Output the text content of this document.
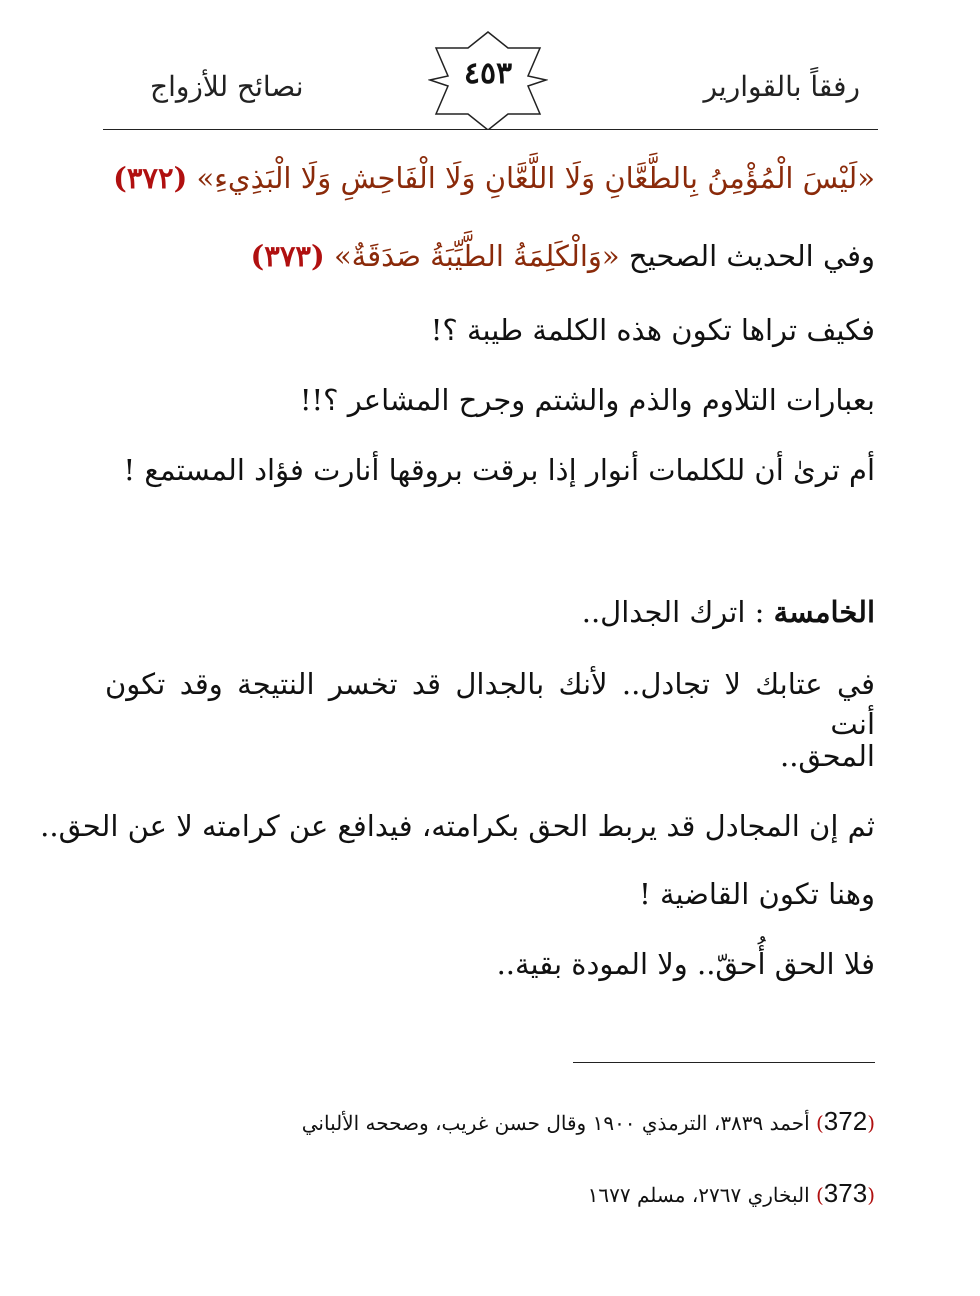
رفقاً بالقوارير
نصائح للأزواج	٤٥٣
«لَيْسَ الْمُؤْمِنُ بِالطَّعَّانِ وَلَا اللَّعَّانِ وَلَا الْفَاحِشِ وَلَا الْبَذِيءِ» (٣٧٢)
وفي الحديث الصحيح «وَالْكَلِمَةُ الطَّيِّبَةُ صَدَقَةٌ» (٣٧٣)
فكيف تراها تكون هذه الكلمة طيبة ؟!
بعبارات التلاوم والذم والشتم وجرح المشاعر ؟!!
أم ترىٰ أن للكلمات أنوار إذا برقت بروقها أنارت فؤاد المستمع !
الخامسة : اترك الجدال..
في عتابك لا تجادل.. لأنك بالجدال قد تخسر النتيجة وقد تكون أنت
المحق..
ثم إن المجادل قد يربط الحق بكرامته، فيدافع عن كرامته لا عن الحق..
وهنا تكون القاضية !
فلا الحق أُحقّ.. ولا المودة بقية..
(372) أحمد ٣٨٣٩، الترمذي ١٩٠٠ وقال حسن غريب، وصححه الألباني
(373) البخاري ٢٧٦٧، مسلم ١٦٧٧
